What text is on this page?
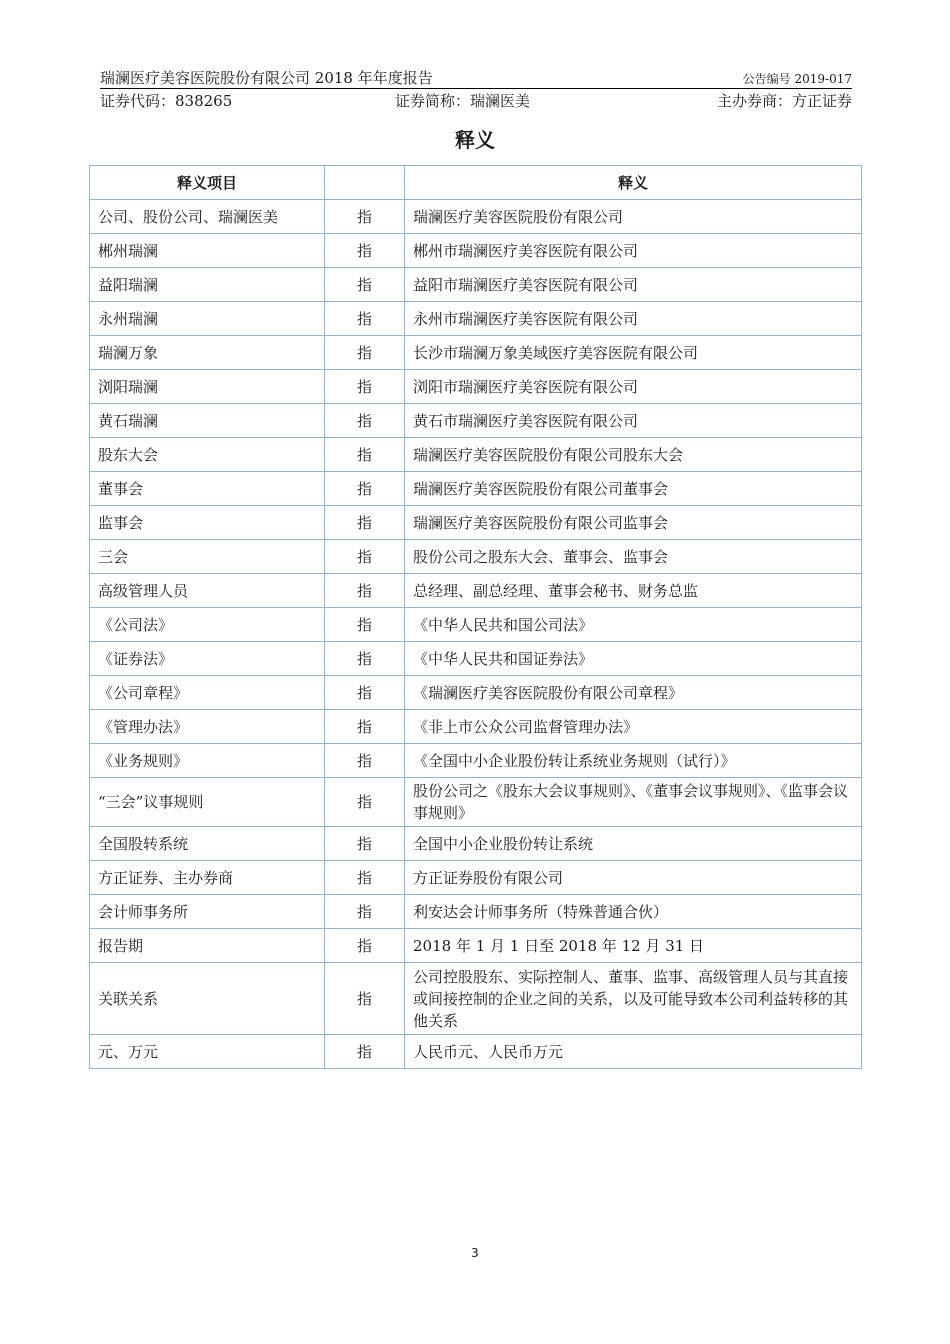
瑞澜医疗美容医院股份有限公司 2018 年年度报告	公告编号 2019-017
证券代码：838265	证券简称：瑞澜医美	主办券商：方正证券
释义
释义项目		释义
公司、股份公司、瑞澜医美	指	瑞澜医疗美容医院股份有限公司
郴州瑞澜	指	郴州市瑞澜医疗美容医院有限公司
益阳瑞澜	指	益阳市瑞澜医疗美容医院有限公司
永州瑞澜	指	永州市瑞澜医疗美容医院有限公司
瑞澜万象	指	长沙市瑞澜万象美域医疗美容医院有限公司
浏阳瑞澜	指	浏阳市瑞澜医疗美容医院有限公司
黄石瑞澜	指	黄石市瑞澜医疗美容医院有限公司
股东大会	指	瑞澜医疗美容医院股份有限公司股东大会
董事会	指	瑞澜医疗美容医院股份有限公司董事会
监事会	指	瑞澜医疗美容医院股份有限公司监事会
三会	指	股份公司之股东大会、董事会、监事会
高级管理人员	指	总经理、副总经理、董事会秘书、财务总监
《公司法》	指	《中华人民共和国公司法》
《证券法》	指	《中华人民共和国证券法》
《公司章程》	指	《瑞澜医疗美容医院股份有限公司章程》
《管理办法》	指	《非上市公众公司监督管理办法》
《业务规则》	指	《全国中小企业股份转让系统业务规则（试行）》
“三会”议事规则	指	股份公司之《股东大会议事规则》、《董事会议事规则》、《监事会议事规则》
全国股转系统	指	全国中小企业股份转让系统
方正证券、主办券商	指	方正证券股份有限公司
会计师事务所	指	利安达会计师事务所（特殊普通合伙）
报告期	指	2018 年 1 月 1 日至 2018 年 12 月 31 日
关联关系	指	公司控股股东、实际控制人、董事、监事、高级管理人员与其直接或间接控制的企业之间的关系，以及可能导致本公司利益转移的其他关系
元、万元	指	人民币元、人民币万元
3
